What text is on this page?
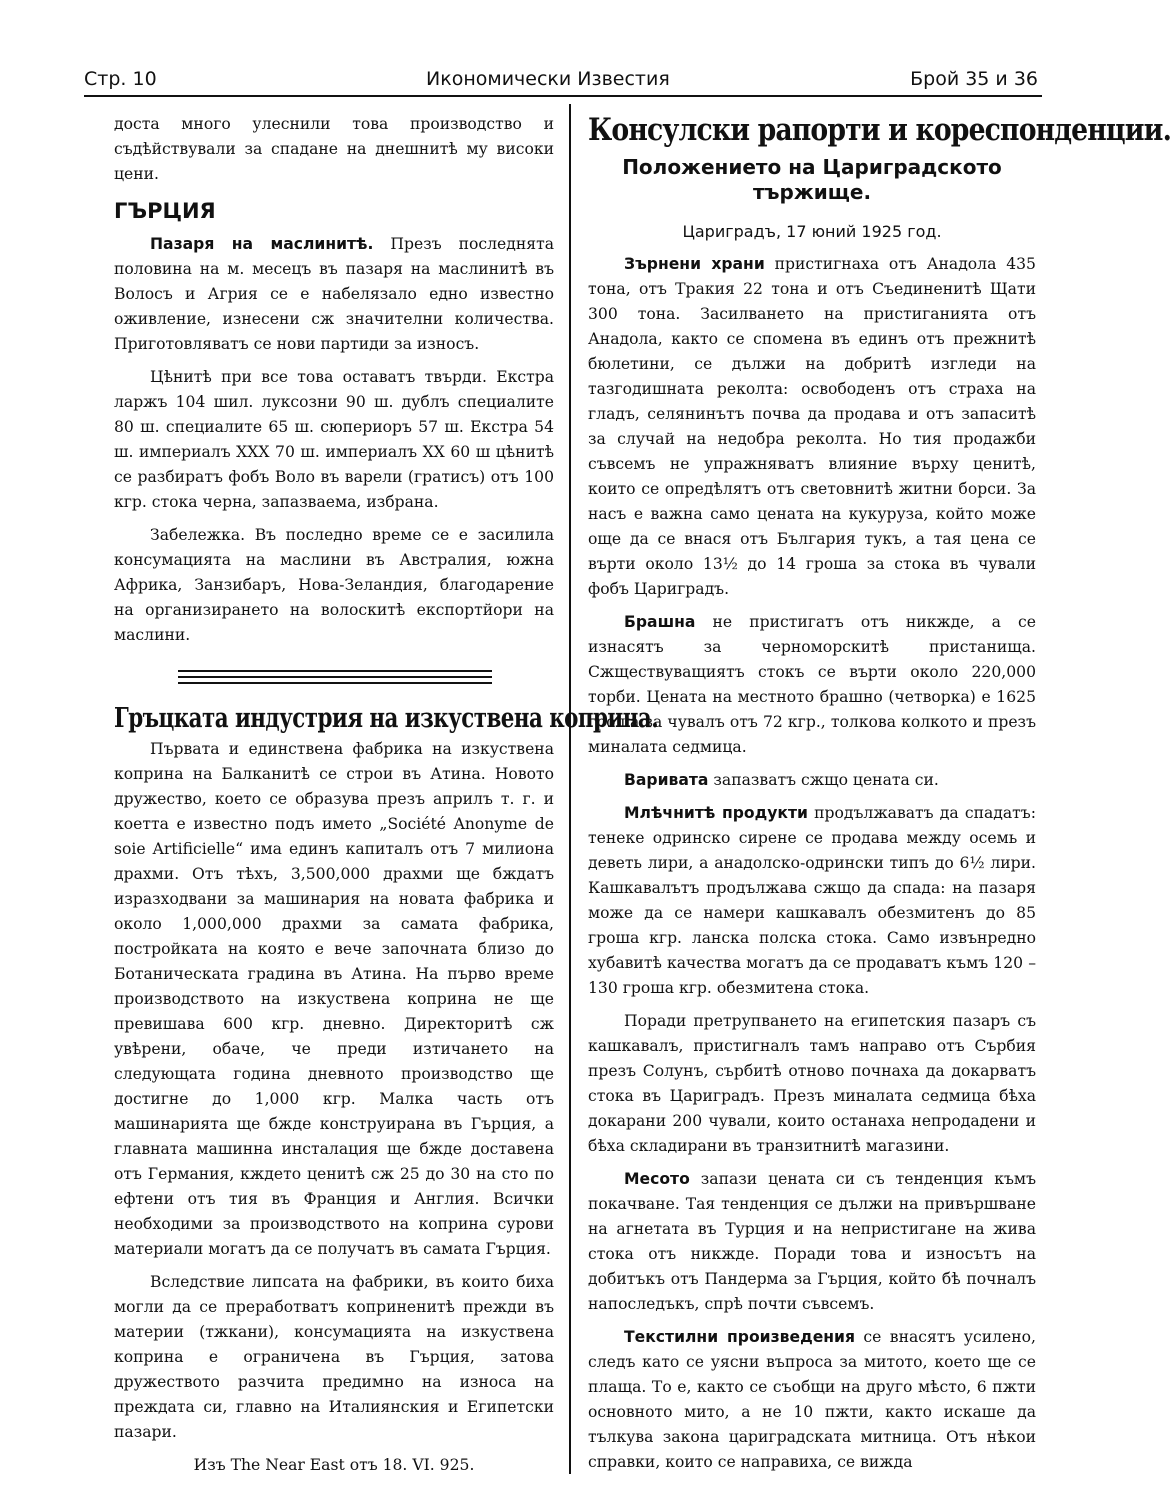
Стр. 10	Икономически Известия	Брой 35 и 36

доста много улеснили това производство и съдѣйствували за спадане на днешнитѣ му високи цени.

ГЪРЦИЯ

Пазаря на маслинитѣ. Презъ последнята половина на м. месецъ въ пазаря на маслинитѣ въ Волосъ и Агрия се е набелязало едно известно оживление, изнесени сж значителни количества. Приготовляватъ се нови партиди за износъ.

Цѣнитѣ при все това оставатъ твърди. Екстра ларжъ 104 шил. луксозни 90 ш. дублъ специалите 80 ш. специалите 65 ш. сюпериоръ 57 ш. Екстра 54 ш. империалъ XXX 70 ш. империалъ XX 60 ш цѣнитѣ се разбиратъ фобъ Воло въ варели (гратисъ) отъ 100 кгр. стока черна, запазваема, избрана.

Забележка. Въ последно време се е засилила консумацията на маслини въ Австралия, южна Африка, Занзибаръ, Нова-Зеландия, благодарение на организирането на волоскитѣ експортйори на маслини.

Гръцката индустрия на изкуствена коприна.

Първата и единствена фабрика на изкуствена коприна на Балканитѣ се строи въ Атина. Новото дружество, което се образува презъ априлъ т. г. и коетта е известно подъ името „Société Anonyme de soie Artificielle“ има единъ капиталъ отъ 7 милиона драхми. Отъ тѣхъ, 3,500,000 драхми ще бждатъ изразходвани за машинария на новата фабрика и около 1,000,000 драхми за самата фабрика, постройката на която е вече започната близо до Ботаническата градина въ Атина. На първо време производството на изкуствена коприна не ще превишава 600 кгр. дневно. Директоритѣ сж увѣрени, обаче, че преди изтичането на следующата година дневното производство ще достигне до 1,000 кгр. Малка часть отъ машинарията ще бжде конструирана въ Гърция, а главната машинна инсталация ще бжде доставена отъ Германия, кждето ценитѣ сж 25 до 30 на сто по ефтени отъ тия въ Франция и Англия. Всички необходими за производството на коприна сурови материали могатъ да се получатъ въ самата Гърция.

Вследствие липсата на фабрики, въ които биха могли да се преработватъ коприненитѣ прежди въ материи (тжкани), консумацията на изкуствена коприна е ограничена въ Гърция, затова дружеството разчита предимно на износа на преждата си, главно на Италиянския и Египетски пазари.

Изъ The Near East отъ 18. VI. 925.
Консулски рапорти и кореспонденции.
Положението на Цариградското тържище.
Цариградъ, 17 юний 1925 год.

Зърнени храни пристигнаха отъ Анадола 435 тона, отъ Тракия 22 тона и отъ Съединенитѣ Щати 300 тона. Засилването на пристиганията отъ Анадола, както се спомена въ единъ отъ прежнитѣ бюлетини, се дължи на добритѣ изгледи на тазгодишната реколта: освободенъ отъ страха на гладъ, селянинътъ почва да продава и отъ запаситѣ за случай на недобра реколта. Но тия продажби съвсемъ не упражняватъ влияние върху ценитѣ, които се опредѣлятъ отъ световнитѣ житни борси. За насъ е важна само цената на кукуруза, който може още да се внася отъ България тукъ, а тая цена се върти около 13½ до 14 гроша за стока въ чували фобъ Цариградъ.

Брашна не пристигатъ отъ никжде, а се изнасятъ за черноморскитѣ пристанища. Сжществуващиятъ стокъ се върти около 220,000 торби. Цената на местното брашно (четворка) е 1625 гроша за чувалъ отъ 72 кгр., толкова колкото и презъ миналата седмица.

Варивата запазватъ сжщо цената си.

Млѣчнитѣ продукти продължаватъ да спадатъ: тенеке одринско сирене се продава между осемь и деветь лири, а анадолско-одрински типъ до 6½ лири. Кашкавалътъ продължава сжщо да спада: на пазаря може да се намери кашкавалъ обезмитенъ до 85 гроша кгр. ланска полска стока. Само извънредно хубавитѣ качества могатъ да се продаватъ къмъ 120 – 130 гроша кгр. обезмитена стока.

Поради претрупването на египетския пазаръ съ кашкавалъ, пристигналъ тамъ направо отъ Сърбия презъ Солунъ, сърбитѣ отново почнаха да докарватъ стока въ Цариградъ. Презъ миналата седмица бѣха докарани 200 чували, които останаха непродадени и бѣха складирани въ транзитнитѣ магазини.

Месото запази цената си съ тенденция къмъ покачване. Тая тенденция се дължи на привършване на агнетата въ Турция и на непристигане на жива стока отъ никжде. Поради това и износътъ на добитъкъ отъ Пандерма за Гърция, който бѣ почналъ напоследъкъ, спрѣ почти съвсемъ.

Текстилни произведения се внасятъ усилено, следъ като се уясни въпроса за митото, което ще се плаща. То е, както се съобщи на друго мѣсто, 6 пжти основното мито, а не 10 пжти, както искаше да тълкува закона цариградската митница. Отъ нѣкои справки, които се направиха, се вижда
